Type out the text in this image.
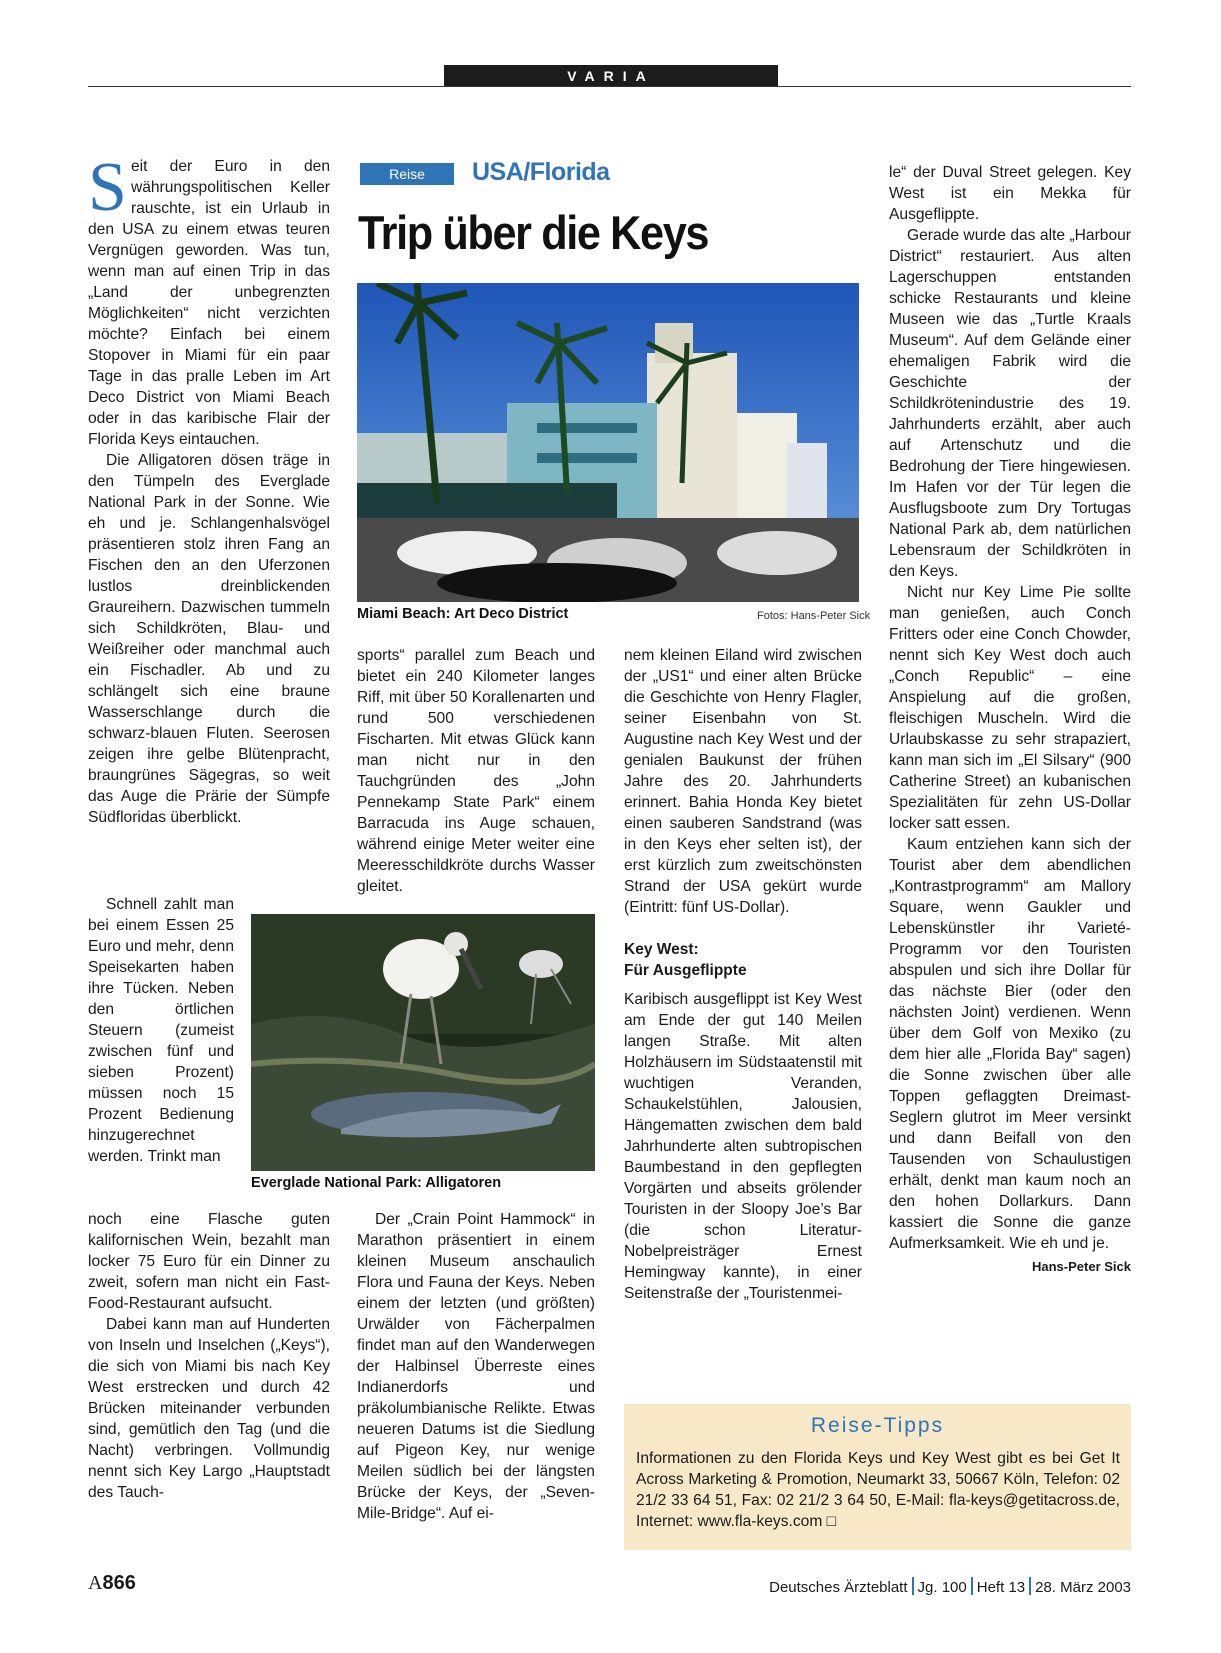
VARIA

Seit der Euro in den währungspolitischen Keller rauschte, ist ein Urlaub in den USA zu einem etwas teuren Vergnügen geworden. Was tun, wenn man auf einen Trip in das „Land der unbegrenzten Möglichkeiten“ nicht verzichten möchte? Einfach bei einem Stopover in Miami für ein paar Tage in das pralle Leben im Art Deco District von Miami Beach oder in das karibische Flair der Florida Keys eintauchen.

Die Alligatoren dösen träge in den Tümpeln des Everglade National Park in der Sonne. Wie eh und je. Schlangenhalsvögel präsentieren stolz ihren Fang an Fischen den an den Uferzonen lustlos dreinblickenden Graureihern. Dazwischen tummeln sich Schildkröten, Blau- und Weißreiher oder manchmal auch ein Fischadler. Ab und zu schlängelt sich eine braune Wasserschlange durch die schwarz-blauen Fluten. Seerosen zeigen ihre gelbe Blütenpracht, braungrünes Sägegras, so weit das Auge die Prärie der Sümpfe Südfloridas überblickt.

Schnell zahlt man bei einem Essen 25 Euro und mehr, denn Speisekarten haben ihre Tücken. Neben den örtlichen Steuern (zumeist zwischen fünf und sieben Prozent) müssen noch 15 Prozent Bedienung hinzugerechnet werden. Trinkt man

noch eine Flasche guten kalifornischen Wein, bezahlt man locker 75 Euro für ein Dinner zu zweit, sofern man nicht ein Fast-Food-Restaurant aufsucht.

Dabei kann man auf Hunderten von Inseln und Inselchen („Keys“), die sich von Miami bis nach Key West erstrecken und durch 42 Brücken miteinander verbunden sind, gemütlich den Tag (und die Nacht) verbringen. Vollmundig nennt sich Key Largo „Hauptstadt des Tauch-

Reise	USA/Florida
Trip über die Keys
Miami Beach: Art Deco District	Fotos: Hans-Peter Sick

sports“ parallel zum Beach und bietet ein 240 Kilometer langes Riff, mit über 50 Korallenarten und rund 500 verschiedenen Fischarten. Mit etwas Glück kann man nicht nur in den Tauchgründen des „John Pennekamp State Park“ einem Barracuda ins Auge schauen, während einige Meter weiter eine Meeresschildkröte durchs Wasser gleitet.

nem kleinen Eiland wird zwischen der „US1“ und einer alten Brücke die Geschichte von Henry Flagler, seiner Eisenbahn von St. Augustine nach Key West und der genialen Baukunst der frühen Jahre des 20. Jahrhunderts erinnert. Bahia Honda Key bietet einen sauberen Sandstrand (was in den Keys eher selten ist), der erst kürzlich zum zweitschönsten Strand der USA gekürt wurde (Eintritt: fünf US-Dollar).

Key West:

Für Ausgeflippte

Karibisch ausgeflippt ist Key West am Ende der gut 140 Meilen langen Straße. Mit alten Holzhäusern im Südstaatenstil mit wuchtigen Veranden, Schaukelstühlen, Jalousien, Hängematten zwischen dem bald Jahrhunderte alten subtropischen Baumbestand in den gepflegten Vorgärten und abseits grölender Touristen in der Sloopy Joe’s Bar (die schon Literatur-Nobelpreisträger Ernest Hemingway kannte), in einer Seitenstraße der „Touristenmei-

Everglade National Park: Alligatoren

Der „Crain Point Hammock“ in Marathon präsentiert in einem kleinen Museum anschaulich Flora und Fauna der Keys. Neben einem der letzten (und größten) Urwälder von Fächerpalmen findet man auf den Wanderwegen der Halbinsel Überreste eines Indianerdorfs und präkolumbianische Relikte. Etwas neueren Datums ist die Siedlung auf Pigeon Key, nur wenige Meilen südlich bei der längsten Brücke der Keys, der „Seven-Mile-Bridge“. Auf ei-

le“ der Duval Street gelegen. Key West ist ein Mekka für Ausgeflippte.

Gerade wurde das alte „Harbour District“ restauriert. Aus alten Lagerschuppen entstanden schicke Restaurants und kleine Museen wie das „Turtle Kraals Museum“. Auf dem Gelände einer ehemaligen Fabrik wird die Geschichte der Schildkrötenindustrie des 19. Jahrhunderts erzählt, aber auch auf Artenschutz und die Bedrohung der Tiere hingewiesen. Im Hafen vor der Tür legen die Ausflugsboote zum Dry Tortugas National Park ab, dem natürlichen Lebensraum der Schildkröten in den Keys.

Nicht nur Key Lime Pie sollte man genießen, auch Conch Fritters oder eine Conch Chowder, nennt sich Key West doch auch „Conch Republic“ – eine Anspielung auf die großen, fleischigen Muscheln. Wird die Urlaubskasse zu sehr strapaziert, kann man sich im „El Silsary“ (900 Catherine Street) an kubanischen Spezialitäten für zehn US-Dollar locker satt essen.

Kaum entziehen kann sich der Tourist aber dem abendlichen „Kontrastprogramm“ am Mallory Square, wenn Gaukler und Lebenskünstler ihr Varieté-Programm vor den Touristen abspulen und sich ihre Dollar für das nächste Bier (oder den nächsten Joint) verdienen. Wenn über dem Golf von Mexiko (zu dem hier alle „Florida Bay“ sagen) die Sonne zwischen über alle Toppen geflaggten Dreimast-Seglern glutrot im Meer versinkt und dann Beifall von den Tausenden von Schaulustigen erhält, denkt man kaum noch an den hohen Dollarkurs. Dann kassiert die Sonne die ganze Aufmerksamkeit. Wie eh und je.
Hans-Peter Sick

Reise-Tipps
Informationen zu den Florida Keys und Key West gibt es bei Get It Across Marketing & Promotion, Neumarkt 33, 50667 Köln, Telefon: 02 21/2 33 64 51, Fax: 02 21/2 3 64 50, E-Mail: fla-keys@getitacross.de, Internet: www.fla-keys.com □
A866	Deutsches Ärzteblatt Jg. 100 Heft 13 28. März 2003
